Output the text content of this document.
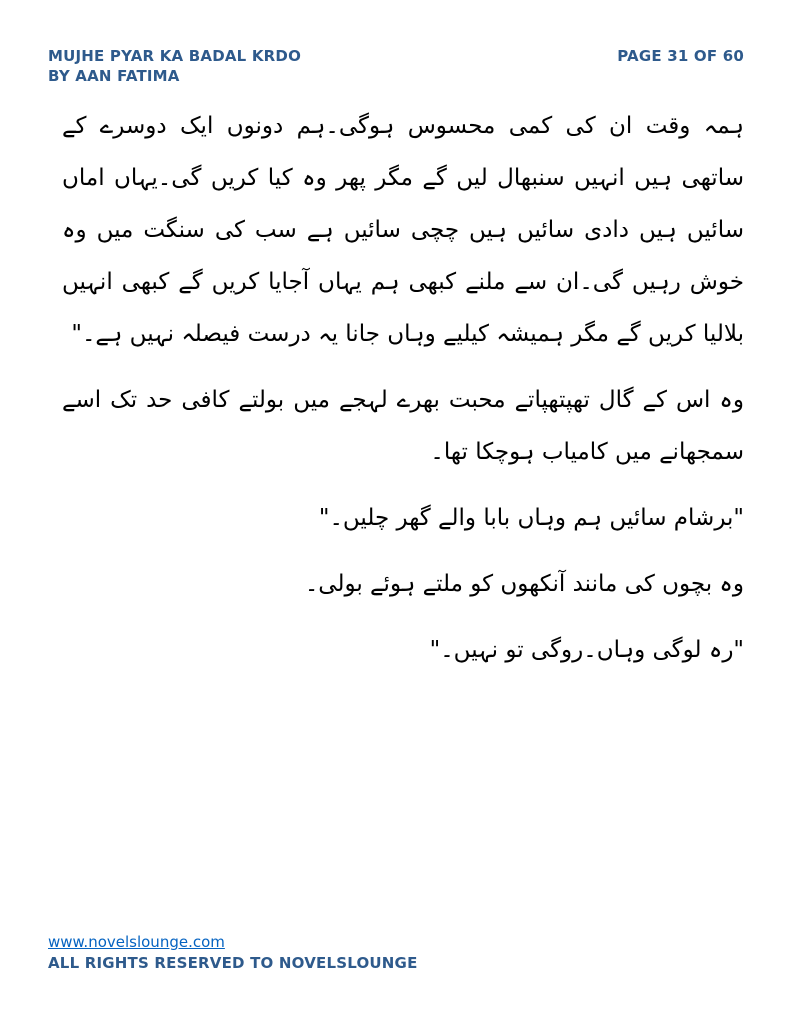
MUJHE PYAR KA BADAL KRDO	PAGE 31 OF 60
BY AAN FATIMA

ہمہ وقت ان کی کمی محسوس ہوگی۔ہم دونوں ایک دوسرے کے ساتھی ہیں انہیں سنبھال لیں گے مگر پھر وہ کیا کریں گی۔یہاں اماں سائیں ہیں دادی سائیں ہیں چچی سائیں ہے سب کی سنگت میں وہ خوش رہیں گی۔ان سے ملنے کبھی ہم یہاں آجایا کریں گے کبھی انہیں بلالیا کریں گے مگر ہمیشہ کیلیے وہاں جانا یہ درست فیصلہ نہیں ہے۔"

وہ اس کے گال تھپتھپاتے محبت بھرے لہجے میں بولتے کافی حد تک اسے سمجھانے میں کامیاب ہوچکا تھا۔

"برشام سائیں ہم وہاں بابا والے گھر چلیں۔"

وہ بچوں کی مانند آنکھوں کو ملتے ہوئے بولی۔

"رہ لوگی وہاں۔روگی تو نہیں۔"

www.novelslounge.com
ALL RIGHTS RESERVED TO NOVELSLOUNGE
